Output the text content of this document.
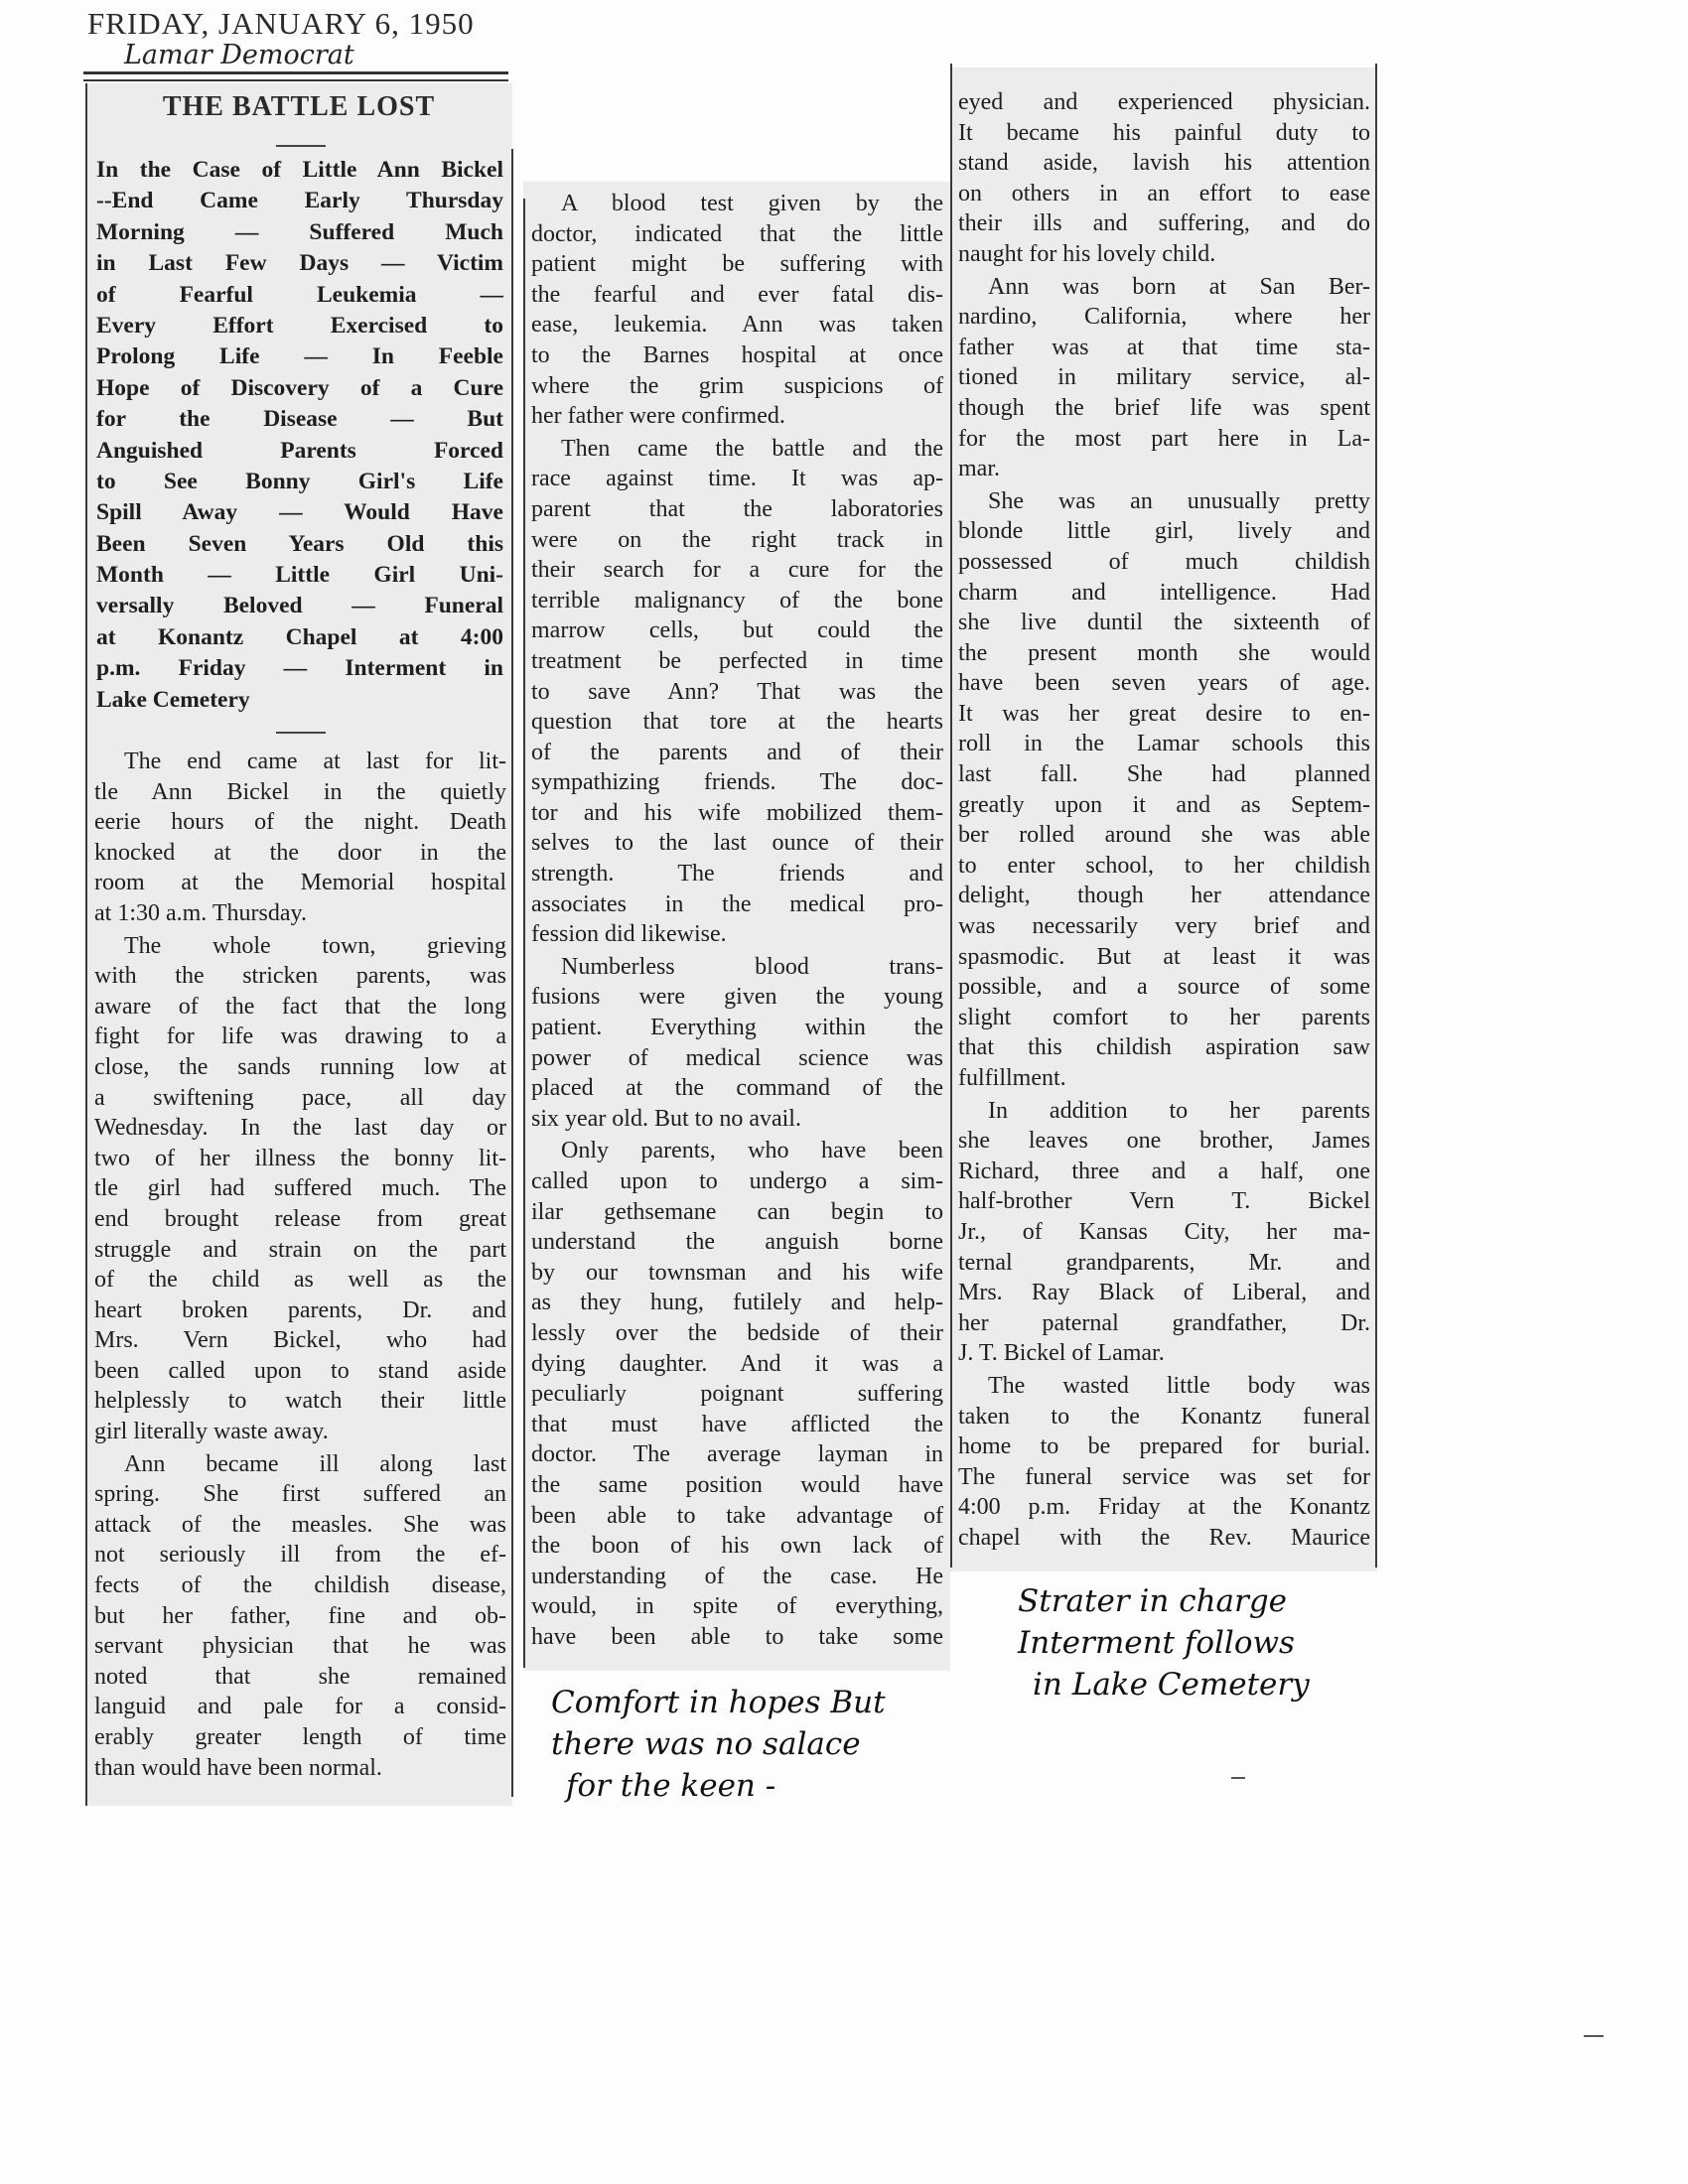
FRIDAY, JANUARY 6, 1950
Lamar Democrat
THE BATTLE LOST
In the Case of Little Ann Bickel
--End Came Early Thursday
Morning — Suffered Much
in Last Few Days — Victim
of Fearful Leukemia —
Every Effort Exercised to
Prolong Life — In Feeble
Hope of Discovery of a Cure
for the Disease — But
Anguished Parents Forced
to See Bonny Girl's Life
Spill Away — Would Have
Been Seven Years Old this
Month — Little Girl Uni-
versally Beloved — Funeral
at Konantz Chapel at 4:00
p.m. Friday — Interment in
Lake Cemetery
The end came at last for lit-
tle Ann Bickel in the quietly
eerie hours of the night. Death
knocked at the door in the
room at the Memorial hospital
at 1:30 a.m. Thursday.
The whole town, grieving
with the stricken parents, was
aware of the fact that the long
fight for life was drawing to a
close, the sands running low at
a swiftening pace, all day
Wednesday. In the last day or
two of her illness the bonny lit-
tle girl had suffered much. The
end brought release from great
struggle and strain on the part
of the child as well as the
heart broken parents, Dr. and
Mrs. Vern Bickel, who had
been called upon to stand aside
helplessly to watch their little
girl literally waste away.
Ann became ill along last
spring. She first suffered an
attack of the measles. She was
not seriously ill from the ef-
fects of the childish disease,
but her father, fine and ob-
servant physician that he was
noted that she remained
languid and pale for a consid-
erably greater length of time
than would have been normal.
A blood test given by the
doctor, indicated that the little
patient might be suffering with
the fearful and ever fatal dis-
ease, leukemia. Ann was taken
to the Barnes hospital at once
where the grim suspicions of
her father were confirmed.
Then came the battle and the
race against time. It was ap-
parent that the laboratories
were on the right track in
their search for a cure for the
terrible malignancy of the bone
marrow cells, but could the
treatment be perfected in time
to save Ann? That was the
question that tore at the hearts
of the parents and of their
sympathizing friends. The doc-
tor and his wife mobilized them-
selves to the last ounce of their
strength. The friends and
associates in the medical pro-
fession did likewise.
Numberless blood trans-
fusions were given the young
patient. Everything within the
power of medical science was
placed at the command of the
six year old. But to no avail.
Only parents, who have been
called upon to undergo a sim-
ilar gethsemane can begin to
understand the anguish borne
by our townsman and his wife
as they hung, futilely and help-
lessly over the bedside of their
dying daughter. And it was a
peculiarly poignant suffering
that must have afflicted the
doctor. The average layman in
the same position would have
been able to take advantage of
the boon of his own lack of
understanding of the case. He
would, in spite of everything,
have been able to take some
eyed and experienced physician.
It became his painful duty to
stand aside, lavish his attention
on others in an effort to ease
their ills and suffering, and do
naught for his lovely child.
Ann was born at San Ber-
nardino, California, where her
father was at that time sta-
tioned in military service, al-
though the brief life was spent
for the most part here in La-
mar.
She was an unusually pretty
blonde little girl, lively and
possessed of much childish
charm and intelligence. Had
she live duntil the sixteenth of
the present month she would
have been seven years of age.
It was her great desire to en-
roll in the Lamar schools this
last fall. She had planned
greatly upon it and as Septem-
ber rolled around she was able
to enter school, to her childish
delight, though her attendance
was necessarily very brief and
spasmodic. But at least it was
possible, and a source of some
slight comfort to her parents
that this childish aspiration saw
fulfillment.
In addition to her parents
she leaves one brother, James
Richard, three and a half, one
half-brother Vern T. Bickel
Jr., of Kansas City, her ma-
ternal grandparents, Mr. and
Mrs. Ray Black of Liberal, and
her paternal grandfather, Dr.
J. T. Bickel of Lamar.
The wasted little body was
taken to the Konantz funeral
home to be prepared for burial.
The funeral service was set for
4:00 p.m. Friday at the Konantz
chapel with the Rev. Maurice
Comfort in hopes But
there was no salace
for the keen -
Strater in charge
Interment follows
in Lake Cemetery
